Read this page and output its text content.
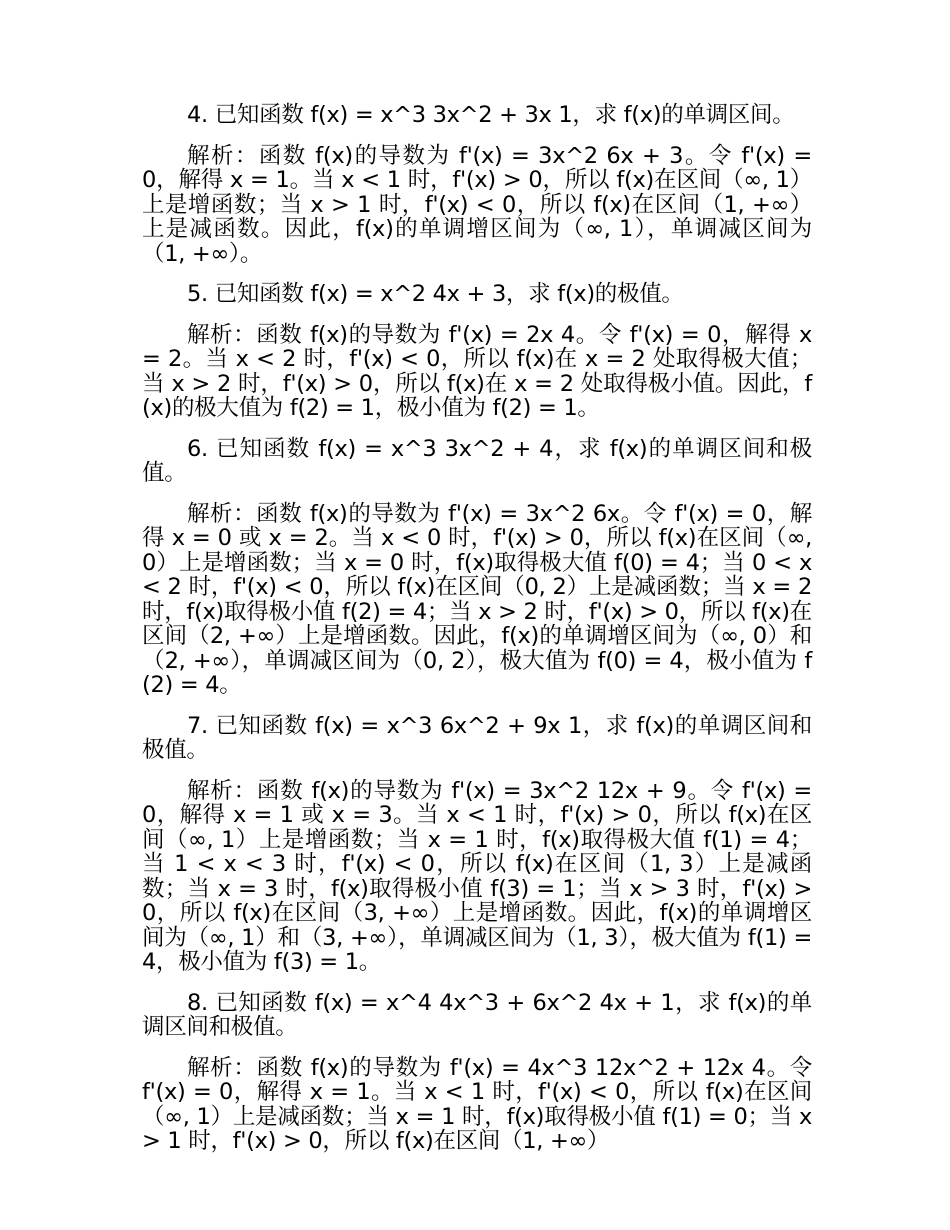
4. 已知函数 f(x) = x^3 3x^2 + 3x 1，求 f(x)的单调区间。

解析：函数 f(x)的导数为 f'(x) = 3x^2 6x + 3。令 f'(x) = 0，解得 x = 1。当 x < 1 时，f'(x) > 0，所以 f(x)在区间（∞, 1）上是增函数；当 x > 1 时，f'(x) < 0，所以 f(x)在区间（1, +∞）上是减函数。因此，f(x)的单调增区间为（∞, 1），单调减区间为（1, +∞）。

5. 已知函数 f(x) = x^2 4x + 3，求 f(x)的极值。

解析：函数 f(x)的导数为 f'(x) = 2x 4。令 f'(x) = 0，解得 x = 2。当 x < 2 时，f'(x) < 0，所以 f(x)在 x = 2 处取得极大值；当 x > 2 时，f'(x) > 0，所以 f(x)在 x = 2 处取得极小值。因此，f(x)的极大值为 f(2) = 1，极小值为 f(2) = 1。

6. 已知函数 f(x) = x^3 3x^2 + 4，求 f(x)的单调区间和极值。

解析：函数 f(x)的导数为 f'(x) = 3x^2 6x。令 f'(x) = 0，解得 x = 0 或 x = 2。当 x < 0 时，f'(x) > 0，所以 f(x)在区间（∞, 0）上是增函数；当 x = 0 时，f(x)取得极大值 f(0) = 4；当 0 < x < 2 时，f'(x) < 0，所以 f(x)在区间（0, 2）上是减函数；当 x = 2 时，f(x)取得极小值 f(2) = 4；当 x > 2 时，f'(x) > 0，所以 f(x)在区间（2, +∞）上是增函数。因此，f(x)的单调增区间为（∞, 0）和（2, +∞），单调减区间为（0, 2），极大值为 f(0) = 4，极小值为 f(2) = 4。

7. 已知函数 f(x) = x^3 6x^2 + 9x 1，求 f(x)的单调区间和极值。

解析：函数 f(x)的导数为 f'(x) = 3x^2 12x + 9。令 f'(x) = 0，解得 x = 1 或 x = 3。当 x < 1 时，f'(x) > 0，所以 f(x)在区间（∞, 1）上是增函数；当 x = 1 时，f(x)取得极大值 f(1) = 4；当 1 < x < 3 时，f'(x) < 0，所以 f(x)在区间（1, 3）上是减函数；当 x = 3 时，f(x)取得极小值 f(3) = 1；当 x > 3 时，f'(x) > 0，所以 f(x)在区间（3, +∞）上是增函数。因此，f(x)的单调增区间为（∞, 1）和（3, +∞），单调减区间为（1, 3），极大值为 f(1) = 4，极小值为 f(3) = 1。

8. 已知函数 f(x) = x^4 4x^3 + 6x^2 4x + 1，求 f(x)的单调区间和极值。

解析：函数 f(x)的导数为 f'(x) = 4x^3 12x^2 + 12x 4。令 f'(x) = 0，解得 x = 1。当 x < 1 时，f'(x) < 0，所以 f(x)在区间（∞, 1）上是减函数；当 x = 1 时，f(x)取得极小值 f(1) = 0；当 x > 1 时，f'(x) > 0，所以 f(x)在区间（1, +∞）
